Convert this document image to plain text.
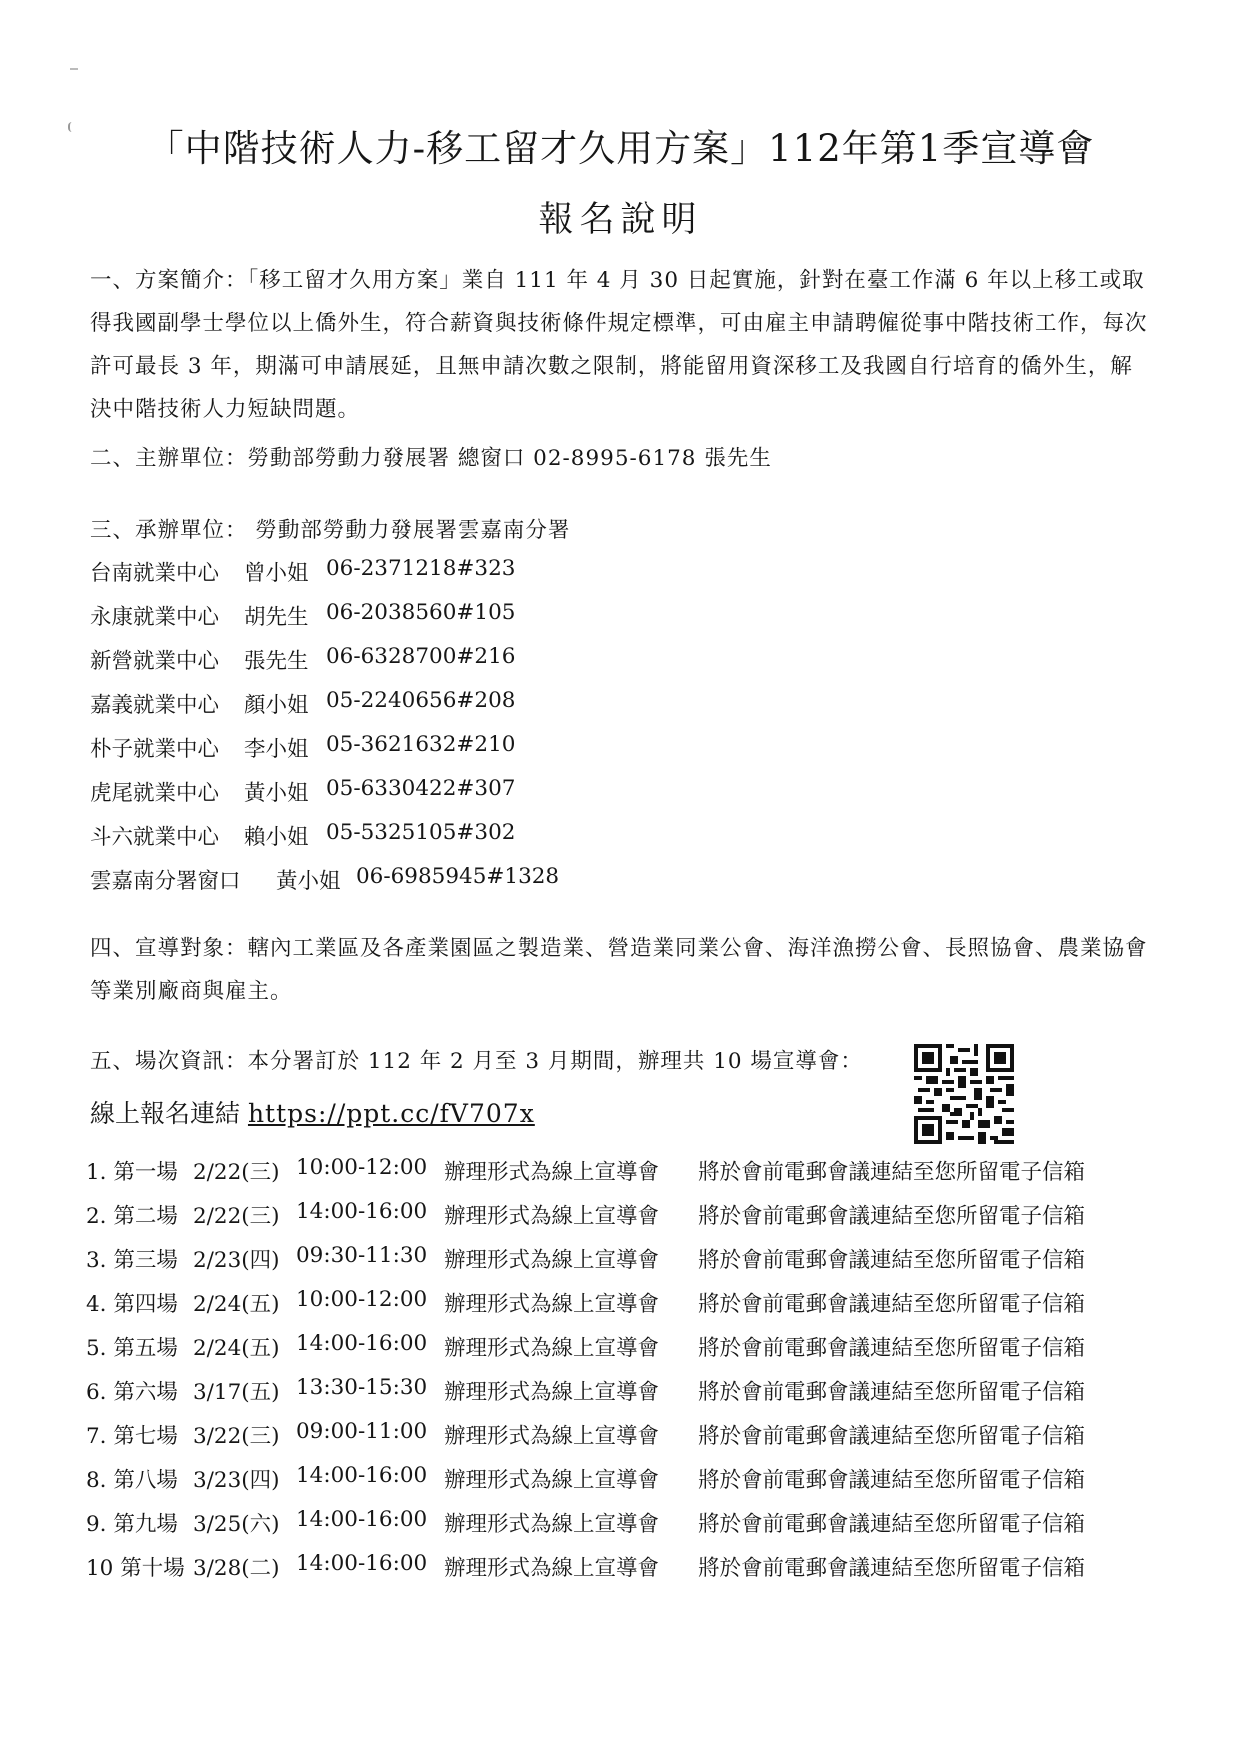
「中階技術人力-移工留才久用方案」112年第1季宣導會
報名說明
一、方案簡介：「移工留才久用方案」業自 111 年 4 月 30 日起實施，針對在臺工作滿 6 年以上移工或取得我國副學士學位以上僑外生，符合薪資與技術條件規定標準，可由雇主申請聘僱從事中階技術工作，每次許可最長 3 年，期滿可申請展延，且無申請次數之限制，將能留用資深移工及我國自行培育的僑外生，解決中階技術人力短缺問題。
二、主辦單位：勞動部勞動力發展署 總窗口 02-8995-6178 張先生
三、承辦單位： 勞動部勞動力發展署雲嘉南分署
台南就業中心 曾小姐 06-2371218#323
永康就業中心 胡先生 06-2038560#105
新營就業中心 張先生 06-6328700#216
嘉義就業中心 顏小姐 05-2240656#208
朴子就業中心 李小姐 05-3621632#210
虎尾就業中心 黃小姐 05-6330422#307
斗六就業中心 賴小姐 05-5325105#302
雲嘉南分署窗口 黃小姐 06-6985945#1328
四、宣導對象：轄內工業區及各產業園區之製造業、營造業同業公會、海洋漁撈公會、長照協會、農業協會等業別廠商與雇主。
五、場次資訊：本分署訂於 112 年 2 月至 3 月期間，辦理共 10 場宣導會：
線上報名連結 https://ppt.cc/fV707x
1. 第一場 2/22(三) 10:00-12:00 辦理形式為線上宣導會 將於會前電郵會議連結至您所留電子信箱
2. 第二場 2/22(三) 14:00-16:00 辦理形式為線上宣導會 將於會前電郵會議連結至您所留電子信箱
3. 第三場 2/23(四) 09:30-11:30 辦理形式為線上宣導會 將於會前電郵會議連結至您所留電子信箱
4. 第四場 2/24(五) 10:00-12:00 辦理形式為線上宣導會 將於會前電郵會議連結至您所留電子信箱
5. 第五場 2/24(五) 14:00-16:00 辦理形式為線上宣導會 將於會前電郵會議連結至您所留電子信箱
6. 第六場 3/17(五) 13:30-15:30 辦理形式為線上宣導會 將於會前電郵會議連結至您所留電子信箱
7. 第七場 3/22(三) 09:00-11:00 辦理形式為線上宣導會 將於會前電郵會議連結至您所留電子信箱
8. 第八場 3/23(四) 14:00-16:00 辦理形式為線上宣導會 將於會前電郵會議連結至您所留電子信箱
9. 第九場 3/25(六) 14:00-16:00 辦理形式為線上宣導會 將於會前電郵會議連結至您所留電子信箱
10 第十場 3/28(二) 14:00-16:00 辦理形式為線上宣導會 將於會前電郵會議連結至您所留電子信箱
